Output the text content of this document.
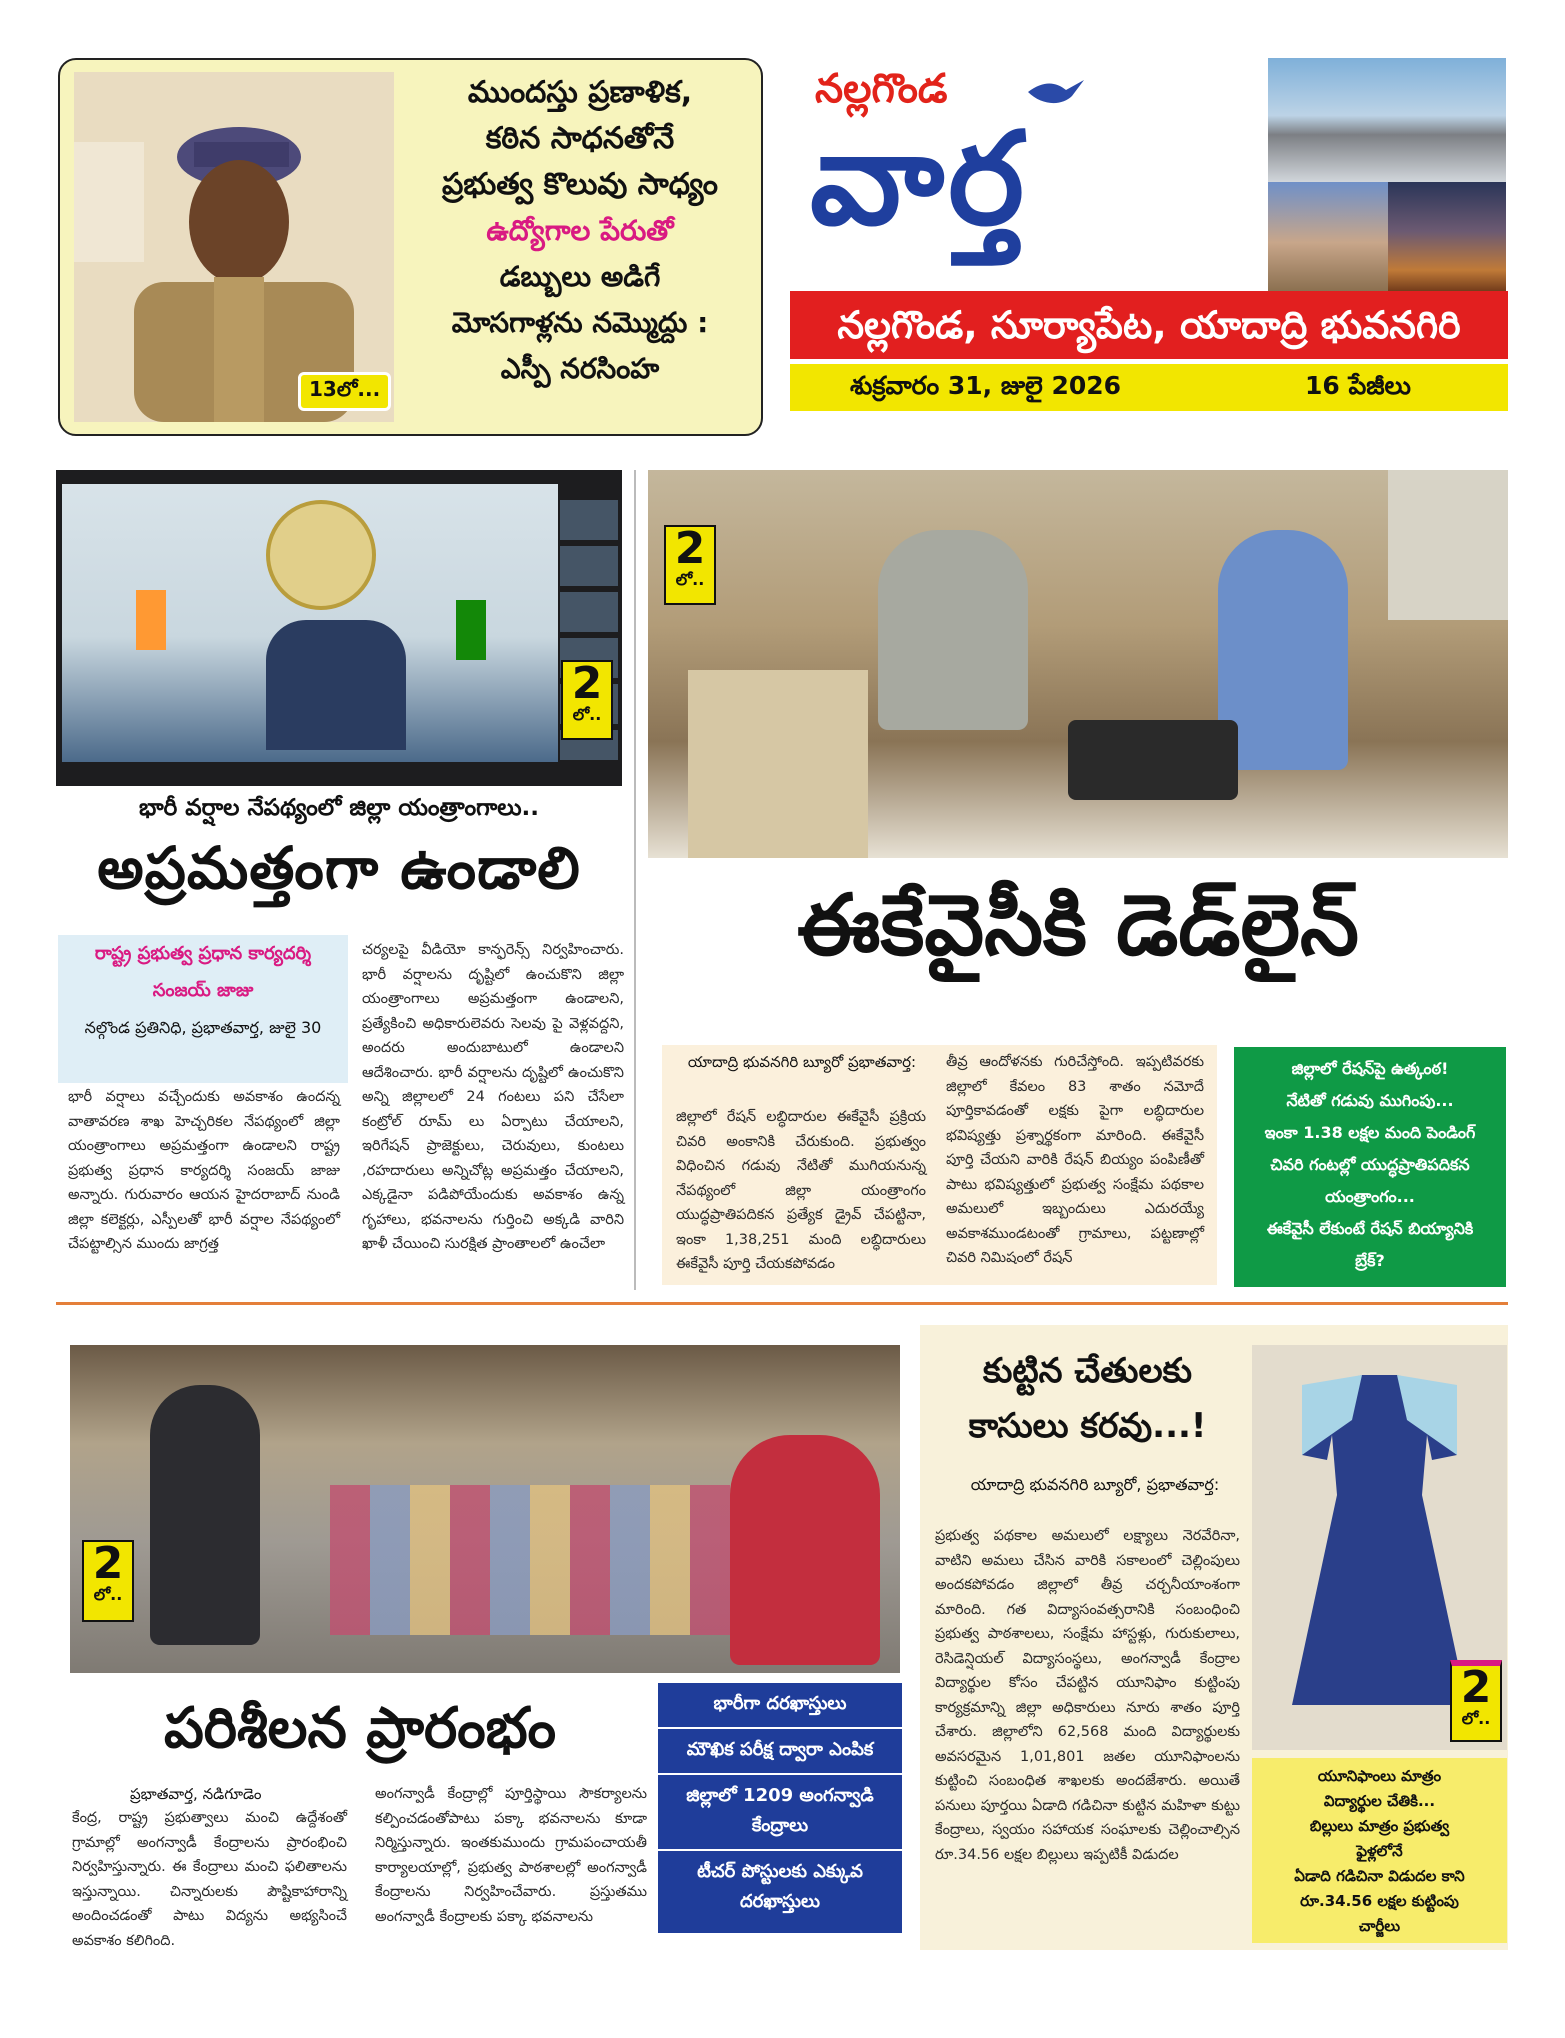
13లో...
ముందస్తు ప్రణాళిక,
కఠిన సాధనతోనే
ప్రభుత్వ కొలువు సాధ్యం
ఉద్యోగాల పేరుతో
డబ్బులు అడిగే
మోసగాళ్లను నమ్మొద్దు :
ఎస్పీ నరసింహ
నల్లగొండ
వార్త
నల్లగొండ, సూర్యాపేట, యాదాద్రి భువనగిరి
శుక్రవారం 31, జులై 2026	16 పేజీలు
2
లో..
భారీ వర్షాల నేపథ్యంలో జిల్లా యంత్రాంగాలు..
అప్రమత్తంగా ఉండాలి
రాష్ట్ర ప్రభుత్వ ప్రధాన కార్యదర్శి
సంజయ్ జాజు
నల్గొండ ప్రతినిధి, ప్రభాతవార్త, జులై 30
భారీ వర్షాలు వచ్చేందుకు అవకాశం ఉందన్న వాతావరణ శాఖ హెచ్చరికల నేపథ్యంలో జిల్లా యంత్రాంగాలు అప్రమత్తంగా ఉండాలని రాష్ట్ర ప్రభుత్వ ప్రధాన కార్యదర్శి సంజయ్ జాజు అన్నారు. గురువారం ఆయన హైదరాబాద్ నుండి జిల్లా కలెక్టర్లు, ఎస్పీలతో భారీ వర్షాల నేపథ్యంలో చేపట్టాల్సిన ముందు జాగ్రత్త
చర్యలపై వీడియో కాన్ఫరెన్స్ నిర్వహించారు. భారీ వర్షాలను దృష్టిలో ఉంచుకొని జిల్లా యంత్రాంగాలు అప్రమత్తంగా ఉండాలని, ప్రత్యేకించి అధికారులెవరు సెలవు పై వెళ్లవద్దని, అందరు అందుబాటులో ఉండాలని ఆదేశించారు. భారీ వర్షాలను దృష్టిలో ఉంచుకొని అన్ని జిల్లాలలో 24 గంటలు పని చేసేలా కంట్రోల్ రూమ్ లు ఏర్పాటు చేయాలని, ఇరిగేషన్ ప్రాజెక్టులు, చెరువులు, కుంటలు ,రహదారులు అన్నిచోట్ల అప్రమత్తం చేయాలని, ఎక్కడైనా పడిపోయేందుకు అవకాశం ఉన్న గృహాలు, భవనాలను గుర్తించి అక్కడి వారిని ఖాళీ చేయించి సురక్షిత ప్రాంతాలలో ఉంచేలా
2
లో..
ఈకేవైసీకి డెడ్‌లైన్
యాదాద్రి భువనగిరి బ్యూరో ప్రభాతవార్త:
జిల్లాలో రేషన్ లబ్ధిదారుల ఈకేవైసీ ప్రక్రియ చివరి అంకానికి చేరుకుంది. ప్రభుత్వం విధించిన గడువు నేటితో ముగియనున్న నేపథ్యంలో జిల్లా యంత్రాంగం యుద్ధప్రాతిపదికన ప్రత్యేక డ్రైవ్ చేపట్టినా, ఇంకా 1,38,251 మంది లబ్ధిదారులు ఈకేవైసీ పూర్తి చేయకపోవడం
తీవ్ర ఆందోళనకు గురిచేస్తోంది. ఇప్పటివరకు జిల్లాలో కేవలం 83 శాతం నమోదే పూర్తికావడంతో లక్షకు పైగా లబ్ధిదారుల భవిష్యత్తు ప్రశ్నార్థకంగా మారింది. ఈకేవైసీ పూర్తి చేయని వారికి రేషన్ బియ్యం పంపిణీతో పాటు భవిష్యత్తులో ప్రభుత్వ సంక్షేమ పథకాల అమలులో ఇబ్బందులు ఎదురయ్యే అవకాశముండటంతో గ్రామాలు, పట్టణాల్లో చివరి నిమిషంలో రేషన్
జిల్లాలో రేషన్‌పై ఉత్కంఠ!
నేటితో గడువు ముగింపు...
ఇంకా 1.38 లక్షల మంది పెండింగ్
చివరి గంటల్లో యుద్ధప్రాతిపదికన
యంత్రాంగం...
ఈకేవైసీ లేకుంటే రేషన్ బియ్యానికి
బ్రేక్?
2
లో..
పరిశీలన ప్రారంభం
ప్రభాతవార్త, నడిగూడెం
కేంద్ర, రాష్ట్ర ప్రభుత్వాలు మంచి ఉద్దేశంతో గ్రామాల్లో అంగన్వాడీ కేంద్రాలను ప్రారంభించి నిర్వహిస్తున్నారు. ఈ కేంద్రాలు మంచి ఫలితాలను ఇస్తున్నాయి. చిన్నారులకు పౌష్టికాహారాన్ని అందించడంతో పాటు విద్యను అభ్యసించే అవకాశం కలిగింది.
అంగన్వాడీ కేంద్రాల్లో పూర్తిస్థాయి సౌకర్యాలను కల్పించడంతోపాటు పక్కా భవనాలను కూడా నిర్మిస్తున్నారు. ఇంతకుముందు గ్రామపంచాయతీ కార్యాలయాల్లో, ప్రభుత్వ పాఠశాలల్లో అంగన్వాడీ కేంద్రాలను నిర్వహించేవారు. ప్రస్తుతము అంగన్వాడీ కేంద్రాలకు పక్కా భవనాలను
భారీగా దరఖాస్తులు
మౌఖిక పరీక్ష ద్వారా ఎంపిక
జిల్లాలో 1209 అంగన్వాడి కేంద్రాలు
టీచర్ పోస్టులకు ఎక్కువ దరఖాస్తులు
కుట్టిన చేతులకు
కాసులు కరవు...!
యాదాద్రి భువనగిరి బ్యూరో, ప్రభాతవార్త:
ప్రభుత్వ పథకాల అమలులో లక్ష్యాలు నెరవేరినా, వాటిని అమలు చేసిన వారికి సకాలంలో చెల్లింపులు అందకపోవడం జిల్లాలో తీవ్ర చర్చనీయాంశంగా మారింది. గత విద్యాసంవత్సరానికి సంబంధించి ప్రభుత్వ పాఠశాలలు, సంక్షేమ హాస్టళ్లు, గురుకులాలు, రెసిడెన్షియల్ విద్యాసంస్థలు, అంగన్వాడీ కేంద్రాల విద్యార్థుల కోసం చేపట్టిన యూనిఫాం కుట్టింపు కార్యక్రమాన్ని జిల్లా అధికారులు నూరు శాతం పూర్తి చేశారు. జిల్లాలోని 62,568 మంది విద్యార్థులకు అవసరమైన 1,01,801 జతల యూనిఫాంలను కుట్టించి సంబంధిత శాఖలకు అందజేశారు. అయితే పనులు పూర్తయి ఏడాది గడిచినా కుట్టిన మహిళా కుట్టు కేంద్రాలు, స్వయం సహాయక సంఘాలకు చెల్లించాల్సిన రూ.34.56 లక్షల బిల్లులు ఇప్పటికీ విడుదల
2
లో..
యూనిఫాంలు మాత్రం
విద్యార్థుల చేతికి...
బిల్లులు మాత్రం ప్రభుత్వ
ఫైళ్లలోనే
ఏడాది గడిచినా విడుదల కాని
రూ.34.56 లక్షల కుట్టింపు
చార్జీలు
